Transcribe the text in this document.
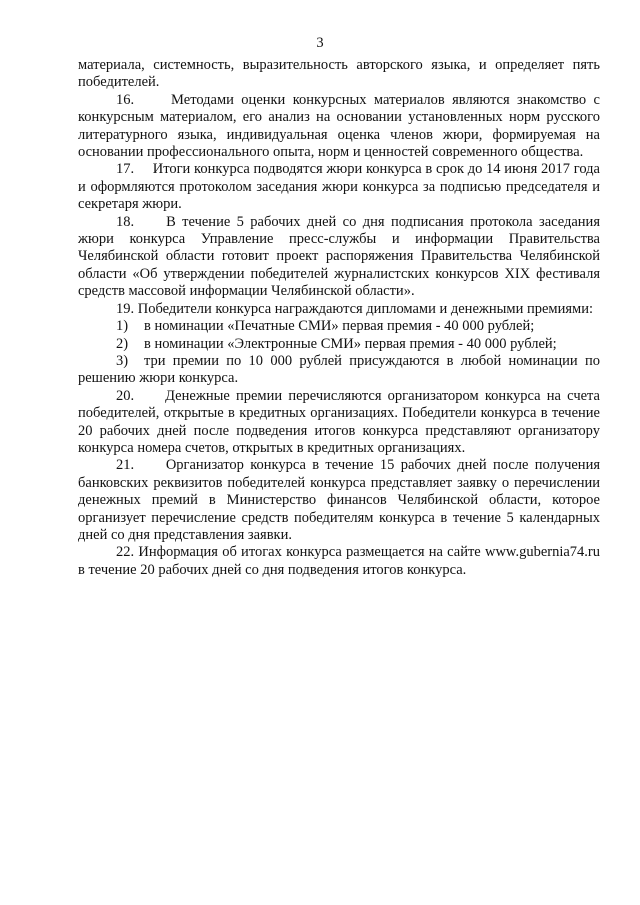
3

материала, системность, выразительность авторского языка, и определяет пять победителей.

16.     Методами оценки конкурсных материалов являются знакомство с конкурсным материалом, его анализ на основании установленных норм русского литературного языка, индивидуальная оценка членов жюри, формируемая на основании профессионального опыта, норм и ценностей современного общества.

17.     Итоги конкурса подводятся жюри конкурса в срок до 14 июня 2017 года и оформляются протоколом заседания жюри конкурса за подписью председателя и секретаря жюри.

18.     В течение 5 рабочих дней со дня подписания протокола заседания жюри конкурса Управление пресс-службы и информации Правительства Челябинской области готовит проект распоряжения Правительства Челябинской области «Об утверждении победителей журналистских конкурсов XIX фестиваля средств массовой информации Челябинской области».

19. Победители конкурса награждаются дипломами и денежными премиями:

1) в номинации «Печатные СМИ» первая премия - 40 000 рублей;

2) в номинации «Электронные СМИ» первая премия - 40 000 рублей;

3) три премии по 10 000 рублей присуждаются в любой номинации по решению жюри конкурса.

20.     Денежные премии перечисляются организатором конкурса на счета победителей, открытые в кредитных организациях. Победители конкурса в течение 20 рабочих дней после подведения итогов конкурса представляют организатору конкурса номера счетов, открытых в кредитных организациях.

21.     Организатор конкурса в течение 15 рабочих дней после получения банковских реквизитов победителей конкурса представляет заявку о перечислении денежных премий в Министерство финансов Челябинской области, которое организует перечисление средств победителям конкурса в течение 5 календарных дней со дня представления заявки.

22. Информация об итогах конкурса размещается на сайте www.gubernia74.ru в течение 20 рабочих дней со дня подведения итогов конкурса.
